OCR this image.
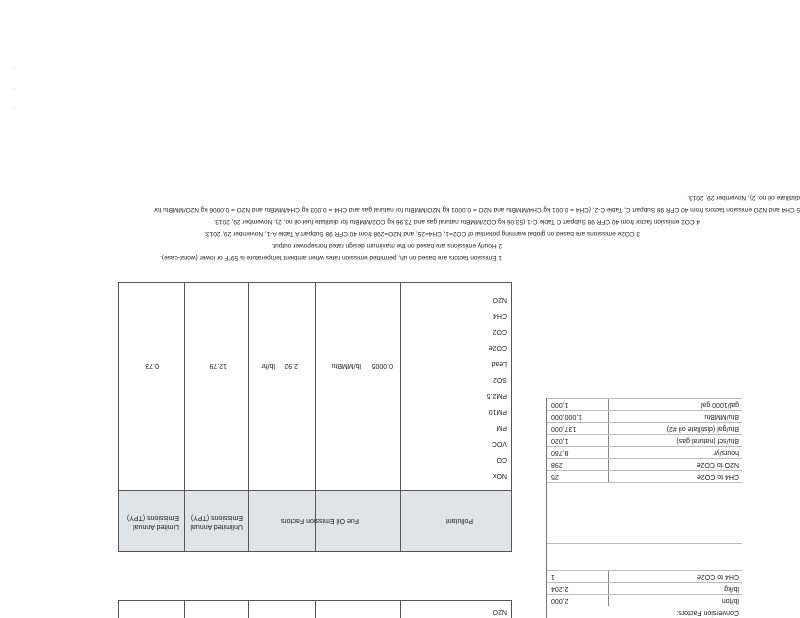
Conversion Factors:
lb/ton
2,000
lb/kg
2.204
CH4 to CO2e
1
CH4 to CO2e
25
N2O to CO2e
298
hours/yr
8,760
Btu/scf (natural gas)
1,020
Btu/gal (distillate oil #2)
137,000
Btu/MMBtu
1,000,000
gal/1000 gal
1,000
N2O
Pollutant
Fue Oil Emission Factors
Unlimited Annual Emissions (TPY)
Limited Annual Emissions (TPY)
NOx
CO
VOC
PM
PM10
PM2.5
SO2
Lead
CO2e
CO2
CH4
N2O
0.0005
lb/MMBtu
2.92
lb/hr
12.79
0.73
1 Emission factors are based on uh, permitted emission rates when ambient temperature is 59°F or lower (worst-case).
2 Hourly emissions are based on the maximum design rated horsepower output.
3 CO2e emissions are based on global warming potential of CO2=1, CH4=25, and N2O=298 from 40 CFR 98 Subpart A Table A-1, November 29, 2013.
4 CO2 emission factor from 40 CFR 98 Subpart C Table C-1 (53.06 kg CO2/MMBtu natural gas and 73.96 kg CO2/MMBtu for distillate fuel oil no. 2), November 29, 2013.
5 CH4 and N2O emission factors from 40 CFR 98 Subpart C, Table C-2, (CH4 = 0.001 kg CH4/MMBtu and N2O = 0.0001 kg N2O/MMBtu for natural gas and CH4 = 0.003 kg CH4/MMBtu and N2O = 0.0006 kg N2O/MMBtu for
distillate oil no. 2), November 29, 2013.
·
·
·
